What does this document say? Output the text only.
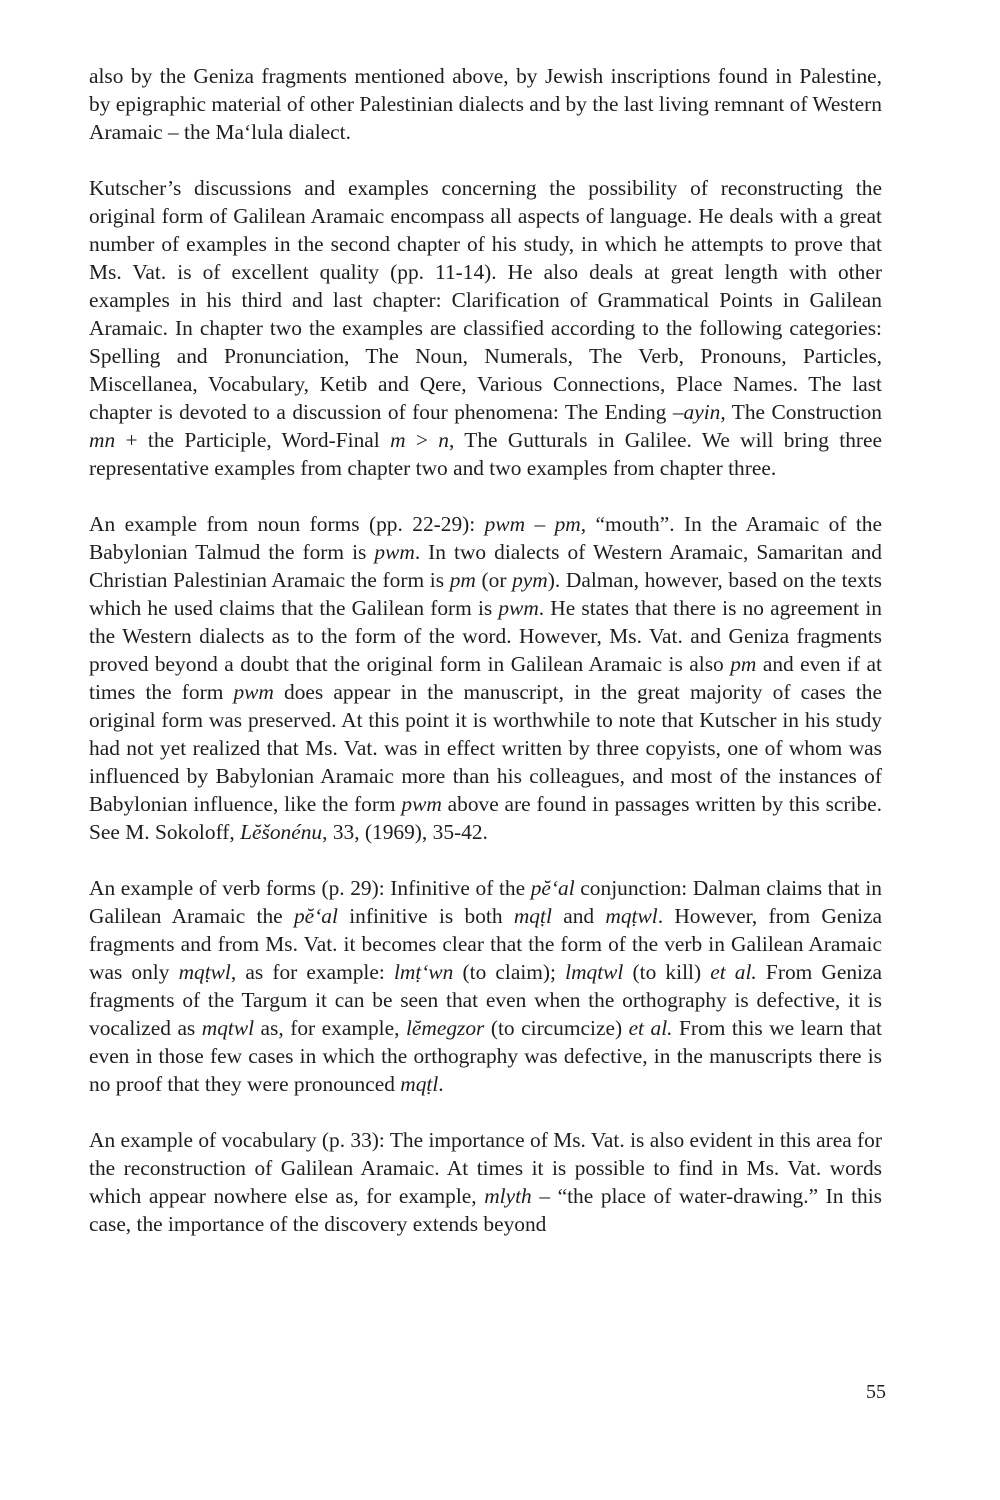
also by the Geniza fragments mentioned above, by Jewish inscriptions found in Palestine, by epigraphic material of other Palestinian dialects and by the last living remnant of Western Aramaic – the Ma‘lula dialect.

Kutscher’s discussions and examples concerning the possibility of reconstructing the original form of Galilean Aramaic encompass all aspects of language. He deals with a great number of examples in the second chapter of his study, in which he attempts to prove that Ms. Vat. is of excellent quality (pp. 11-14). He also deals at great length with other examples in his third and last chapter: Clarification of Grammatical Points in Galilean Aramaic. In chapter two the examples are classified according to the following categories: Spelling and Pronunciation, The Noun, Numerals, The Verb, Pronouns, Particles, Miscellanea, Vocabulary, Ketib and Qere, Various Connections, Place Names. The last chapter is devoted to a discussion of four phenomena: The Ending –ayin, The Construction mn + the Participle, Word-Final m > n, The Gutturals in Galilee. We will bring three representative examples from chapter two and two examples from chapter three.

An example from noun forms (pp. 22-29): pwm – pm, “mouth”. In the Aramaic of the Babylonian Talmud the form is pwm. In two dialects of Western Aramaic, Samaritan and Christian Palestinian Aramaic the form is pm (or pym). Dalman, however, based on the texts which he used claims that the Galilean form is pwm. He states that there is no agreement in the Western dialects as to the form of the word. However, Ms. Vat. and Geniza fragments proved beyond a doubt that the original form in Galilean Aramaic is also pm and even if at times the form pwm does appear in the manuscript, in the great majority of cases the original form was preserved. At this point it is worthwhile to note that Kutscher in his study had not yet realized that Ms. Vat. was in effect written by three copyists, one of whom was influenced by Babylonian Aramaic more than his colleagues, and most of the instances of Babylonian influence, like the form pwm above are found in passages written by this scribe. See M. Sokoloff, Lĕšonénu, 33, (1969), 35-42.

An example of verb forms (p. 29): Infinitive of the pĕ‘al conjunction: Dalman claims that in Galilean Aramaic the pĕ‘al infinitive is both mqṭl and mqṭwl. However, from Geniza fragments and from Ms. Vat. it becomes clear that the form of the verb in Galilean Aramaic was only mqṭwl, as for example: lmṭ‘wn (to claim); lmqtwl (to kill) et al. From Geniza fragments of the Targum it can be seen that even when the orthography is defective, it is vocalized as mqtwl as, for example, lĕmegzor (to circumcize) et al. From this we learn that even in those few cases in which the orthography was defective, in the manuscripts there is no proof that they were pronounced mqṭl.

An example of vocabulary (p. 33): The importance of Ms. Vat. is also evident in this area for the reconstruction of Galilean Aramaic. At times it is possible to find in Ms. Vat. words which appear nowhere else as, for example, mlyth – “the place of water-drawing.” In this case, the importance of the discovery extends beyond

55
